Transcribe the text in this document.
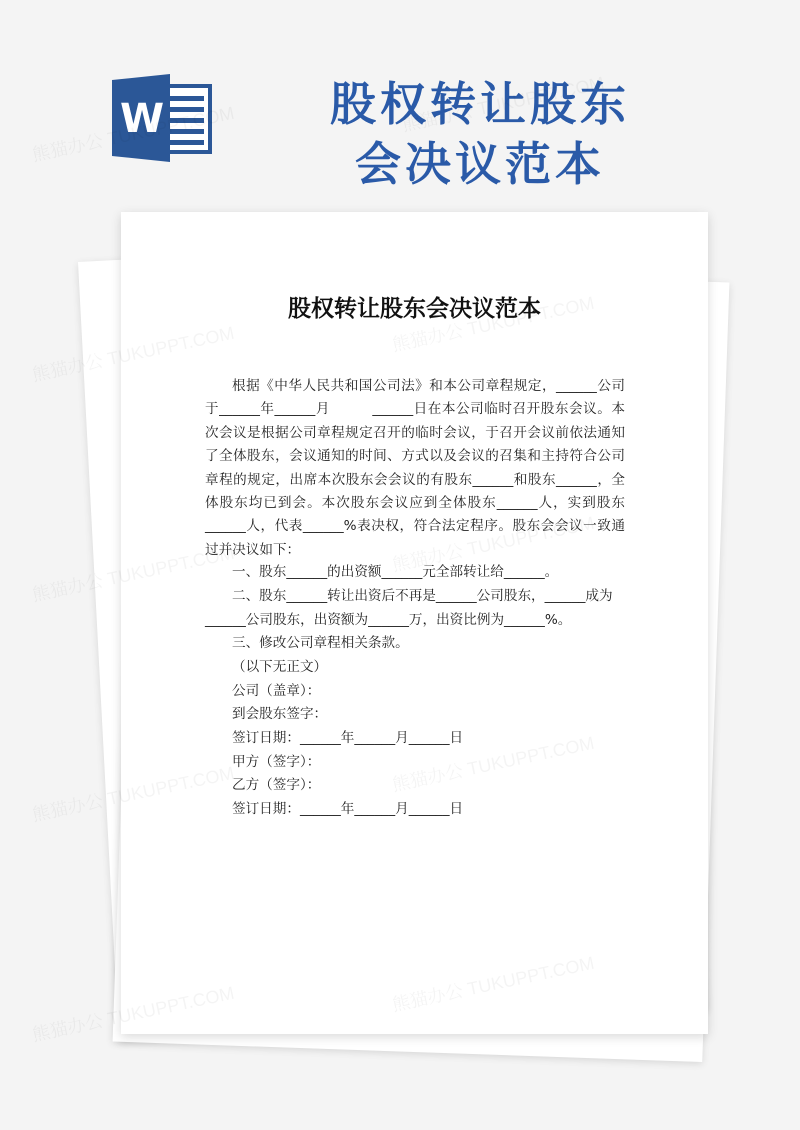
W	股权转让股东
会决议范本
股权转让股东会决议范本

根据《中华人民共和国公司法》和本公司章程规定，______公司于______年______月　　　______日在本公司临时召开股东会议。本次会议是根据公司章程规定召开的临时会议，于召开会议前依法通知了全体股东，会议通知的时间、方式以及会议的召集和主持符合公司章程的规定，出席本次股东会会议的有股东______和股东______，全体股东均已到会。本次股东会议应到全体股东______人，实到股东______人，代表______%表决权，符合法定程序。股东会会议一致通过并决议如下：

一、股东______的出资额______元全部转让给______。
二、股东______转让出资后不再是______公司股东，______成为
______公司股东，出资额为______万，出资比例为______%。
三、修改公司章程相关条款。
（以下无正文）
公司（盖章）：
到会股东签字：
签订日期：______年______月______日
甲方（签字）：
乙方（签字）：
签订日期：______年______月______日
